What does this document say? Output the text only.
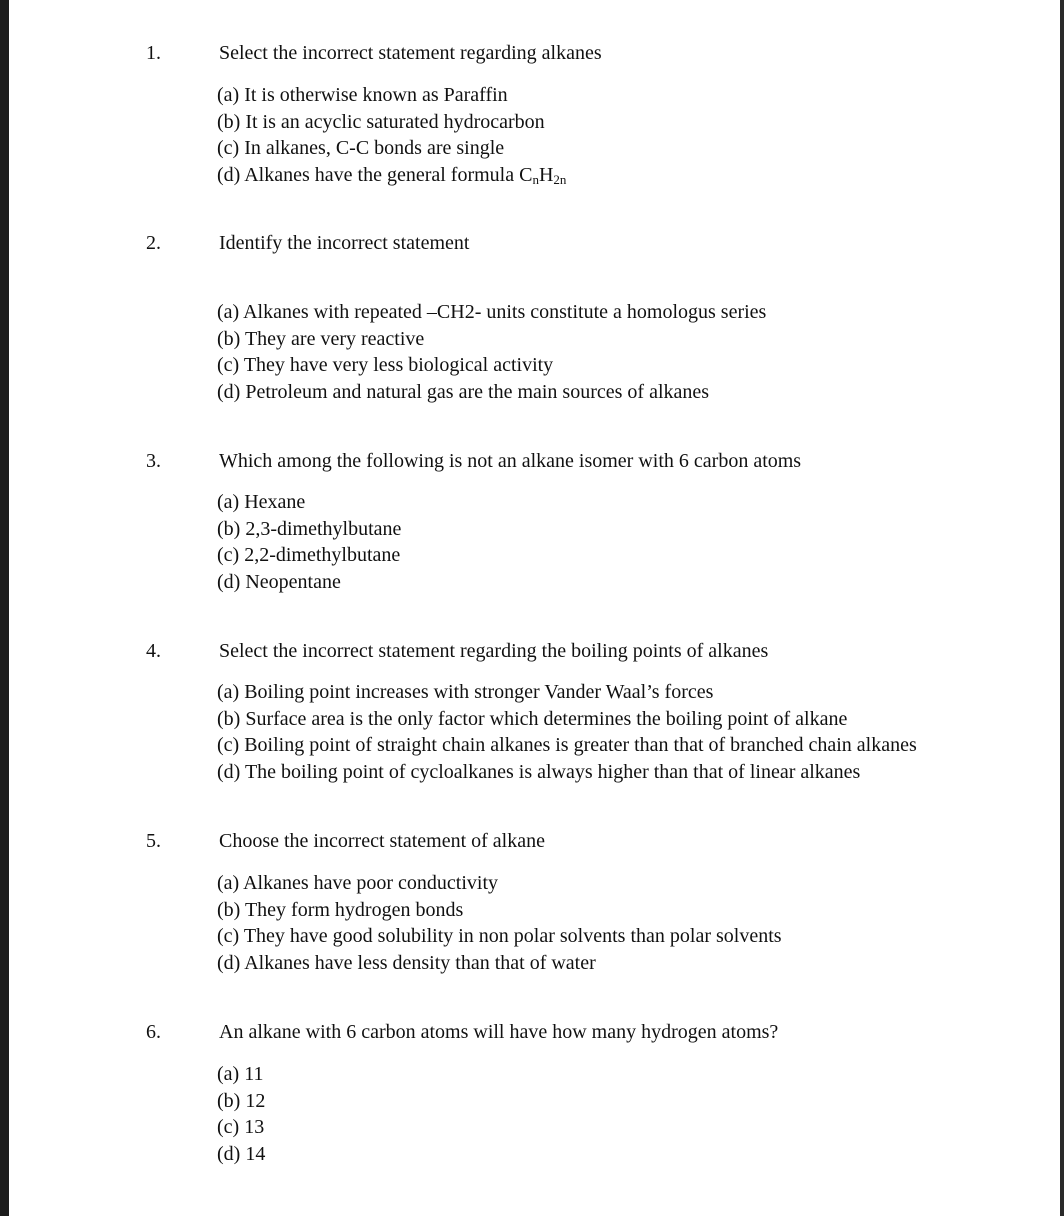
1.	Select the incorrect statement regarding alkanes
(a) It is otherwise known as Paraffin
(b) It is an acyclic saturated hydrocarbon
(c) In alkanes, C-C bonds are single
(d) Alkanes have the general formula $C_nH_{2n}$
2.	Identify the incorrect statement
(a) Alkanes with repeated –CH2- units constitute a homologus series
(b) They are very reactive
(c) They have very less biological activity
(d) Petroleum and natural gas are the main sources of alkanes
3.	Which among the following is not an alkane isomer with 6 carbon atoms
(a) Hexane
(b) 2,3-dimethylbutane
(c) 2,2-dimethylbutane
(d) Neopentane
4.	Select the incorrect statement regarding the boiling points of alkanes
(a) Boiling point increases with stronger Vander Waal’s forces
(b) Surface area is the only factor which determines the boiling point of alkane
(c) Boiling point of straight chain alkanes is greater than that of branched chain alkanes
(d) The boiling point of cycloalkanes is always higher than that of linear alkanes
5.	Choose the incorrect statement of alkane
(a) Alkanes have poor conductivity
(b) They form hydrogen bonds
(c) They have good solubility in non polar solvents than polar solvents
(d) Alkanes have less density than that of water
6.	An alkane with 6 carbon atoms will have how many hydrogen atoms?
(a) 11
(b) 12
(c) 13
(d) 14
